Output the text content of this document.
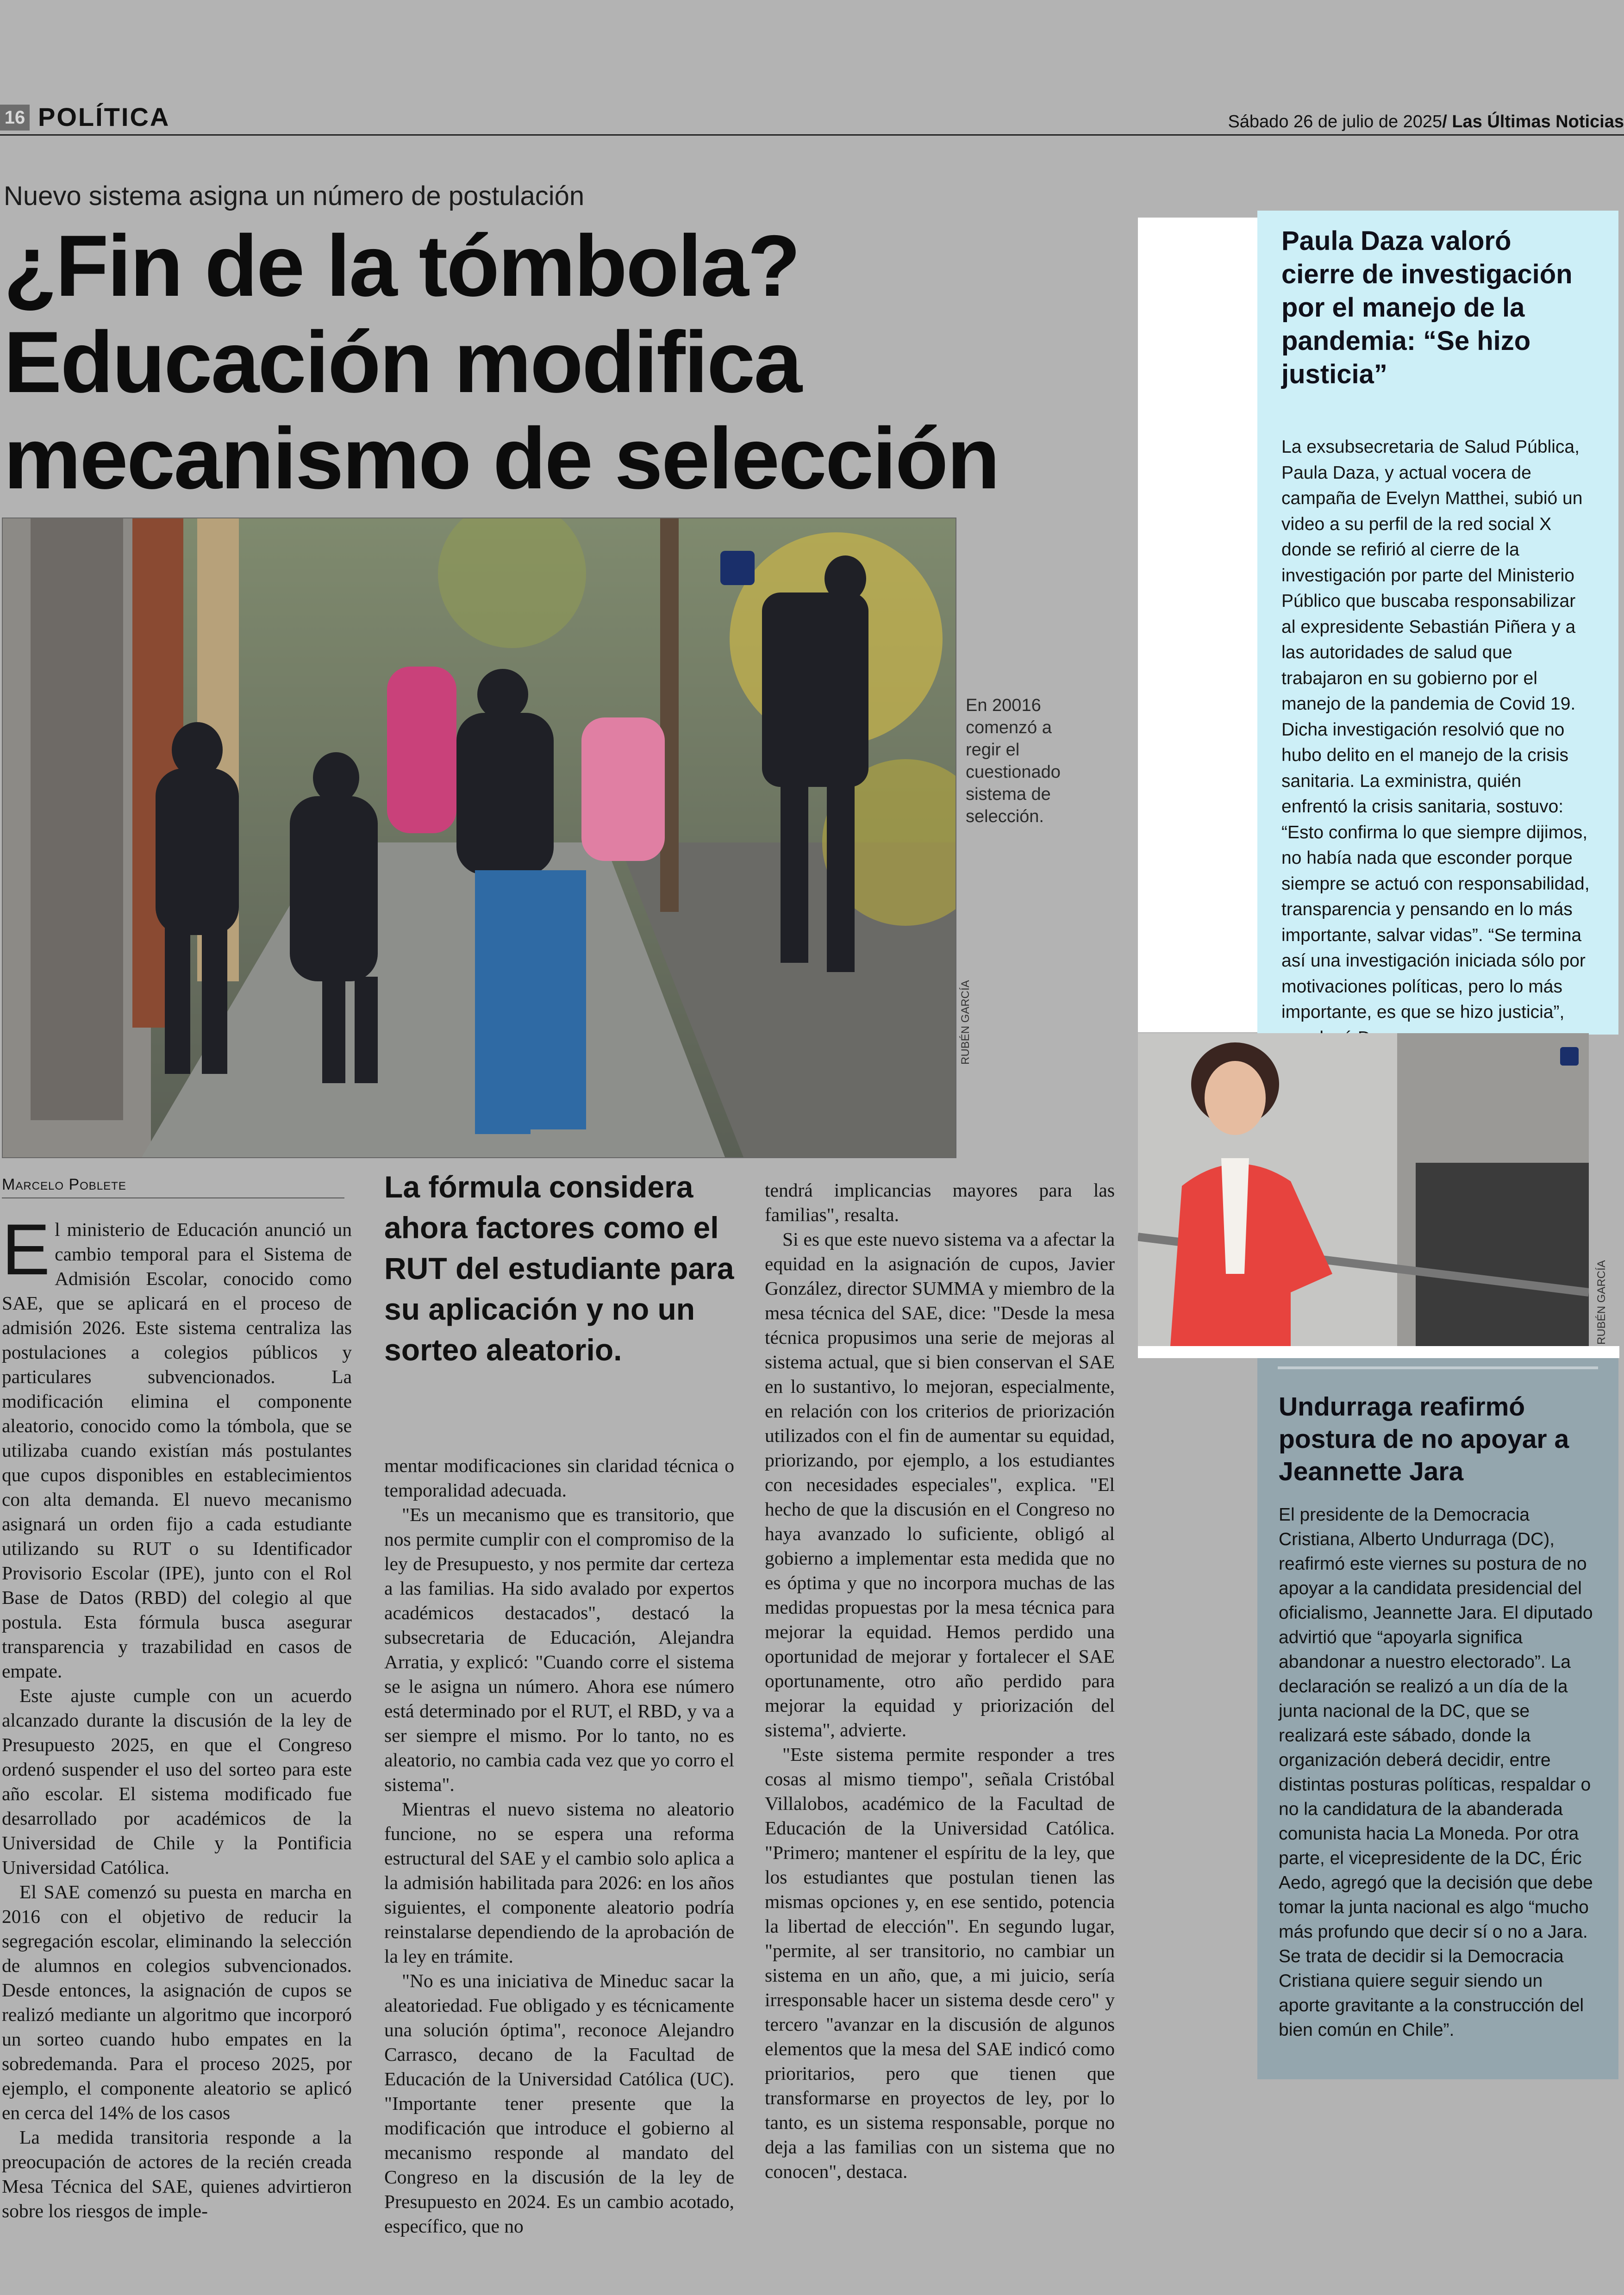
16 POLÍTICA	Sábado 26 de julio de 2025/ Las Últimas Noticias
Nuevo sistema asigna un número de postulación
¿Fin de la tómbola? Educación modifica mecanismo de selección
En 20016 comenzó a regir el cuestionado sistema de selección.
RUBÉN GARCÍA
Marcelo Poblete	La fórmula considera ahora factores como el RUT del estudiante para su aplicación y no un sorteo aleatorio.

El ministerio de Educación anunció un cambio temporal para el Sistema de Admisión Escolar, conocido como SAE, que se aplicará en el proceso de admisión 2026. Este sistema centraliza las postulaciones a colegios públicos y particulares subvencionados. La modificación elimina el componente aleatorio, conocido como la tómbola, que se utilizaba cuando existían más postulantes que cupos disponibles en establecimientos con alta demanda. El nuevo mecanismo asignará un orden fijo a cada estudiante utilizando su RUT o su Identificador Provisorio Escolar (IPE), junto con el Rol Base de Datos (RBD) del colegio al que postula. Esta fórmula busca asegurar transparencia y trazabilidad en casos de empate.

Este ajuste cumple con un acuerdo alcanzado durante la discusión de la ley de Presupuesto 2025, en que el Congreso ordenó suspender el uso del sorteo para este año escolar. El sistema modificado fue desarrollado por académicos de la Universidad de Chile y la Pontificia Universidad Católica.

El SAE comenzó su puesta en marcha en 2016 con el objetivo de reducir la segregación escolar, eliminando la selección de alumnos en colegios subvencionados. Desde entonces, la asignación de cupos se realizó mediante un algoritmo que incorporó un sorteo cuando hubo empates en la sobredemanda. Para el proceso 2025, por ejemplo, el componente aleatorio se aplicó en cerca del 14% de los casos

La medida transitoria responde a la preocupación de actores de la recién creada Mesa Técnica del SAE, quienes advirtieron sobre los riesgos de imple-

mentar modificaciones sin claridad técnica o temporalidad adecuada.

"Es un mecanismo que es transitorio, que nos permite cumplir con el compromiso de la ley de Presupuesto, y nos permite dar certeza a las familias. Ha sido avalado por expertos académicos destacados", destacó la subsecretaria de Educación, Alejandra Arratia, y explicó: "Cuando corre el sistema se le asigna un número. Ahora ese número está determinado por el RUT, el RBD, y va a ser siempre el mismo. Por lo tanto, no es aleatorio, no cambia cada vez que yo corro el sistema".

Mientras el nuevo sistema no aleatorio funcione, no se espera una reforma estructural del SAE y el cambio solo aplica a la admisión habilitada para 2026: en los años siguientes, el componente aleatorio podría reinstalarse dependiendo de la aprobación de la ley en trámite.

"No es una iniciativa de Mineduc sacar la aleatoriedad. Fue obligado y es técnicamente una solución óptima", reconoce Alejandro Carrasco, decano de la Facultad de Educación de la Universidad Católica (UC). "Importante tener presente que la modificación que introduce el gobierno al mecanismo responde al mandato del Congreso en la discusión de la ley de Presupuesto en 2024. Es un cambio acotado, específico, que no

tendrá implicancias mayores para las familias", resalta.

Si es que este nuevo sistema va a afectar la equidad en la asignación de cupos, Javier González, director SUMMA y miembro de la mesa técnica del SAE, dice: "Desde la mesa técnica propusimos una serie de mejoras al sistema actual, que si bien conservan el SAE en lo sustantivo, lo mejoran, especialmente, en relación con los criterios de priorización utilizados con el fin de aumentar su equidad, priorizando, por ejemplo, a los estudiantes con necesidades especiales", explica. "El hecho de que la discusión en el Congreso no haya avanzado lo suficiente, obligó al gobierno a implementar esta medida que no es óptima y que no incorpora muchas de las medidas propuestas por la mesa técnica para mejorar la equidad. Hemos perdido una oportunidad de mejorar y fortalecer el SAE oportunamente, otro año perdido para mejorar la equidad y priorización del sistema", advierte.

"Este sistema permite responder a tres cosas al mismo tiempo", señala Cristóbal Villalobos, académico de la Facultad de Educación de la Universidad Católica. "Primero; mantener el espíritu de la ley, que los estudiantes que postulan tienen las mismas opciones y, en ese sentido, potencia la libertad de elección". En segundo lugar, "permite, al ser transitorio, no cambiar un sistema en un año, que, a mi juicio, sería irresponsable hacer un sistema desde cero" y tercero "avanzar en la discusión de algunos elementos que la mesa del SAE indicó como prioritarios, pero que tienen que transformarse en proyectos de ley, por lo tanto, es un sistema responsable, porque no deja a las familias con un sistema que no conocen", destaca.

Paula Daza valoró cierre de investigación por el manejo de la pandemia: “Se hizo justicia”
La exsubsecretaria de Salud Pública, Paula Daza, y actual vocera de campaña de Evelyn Matthei, subió un video a su perfil de la red social X donde se refirió al cierre de la investigación por parte del Ministerio Público que buscaba responsabilizar al expresidente Sebastián Piñera y a las autoridades de salud que trabajaron en su gobierno por el manejo de la pandemia de Covid 19. Dicha investigación resolvió que no hubo delito en el manejo de la crisis sanitaria. La exministra, quién enfrentó la crisis sanitaria, sostuvo: “Esto confirma lo que siempre dijimos, no había nada que esconder porque siempre se actuó con responsabilidad, transparencia y pensando en lo más importante, salvar vidas”. “Se termina así una investigación iniciada sólo por motivaciones políticas, pero lo más importante, es que se hizo justicia”,
RUBÉN GARCÍA
Undurraga reafirmó postura de no apoyar a Jeannette Jara
El presidente de la Democracia Cristiana, Alberto Undurraga (DC), reafirmó este viernes su postura de no apoyar a la candidata presidencial del oficialismo, Jeannette Jara. El diputado advirtió que “apoyarla significa abandonar a nuestro electorado”. La declaración se realizó a un día de la junta nacional de la DC, que se realizará este sábado, donde la organización deberá decidir, entre distintas posturas políticas, respaldar o no la candidatura de la abanderada comunista hacia La Moneda. Por otra parte, el vicepresidente de la DC, Éric Aedo, agregó que la decisión que debe tomar la junta nacional es algo “mucho más profundo que decir sí o no a Jara. Se trata de decidir si la Democracia Cristiana quiere seguir siendo un aporte gravitante a la construcción del bien común en Chile”.
